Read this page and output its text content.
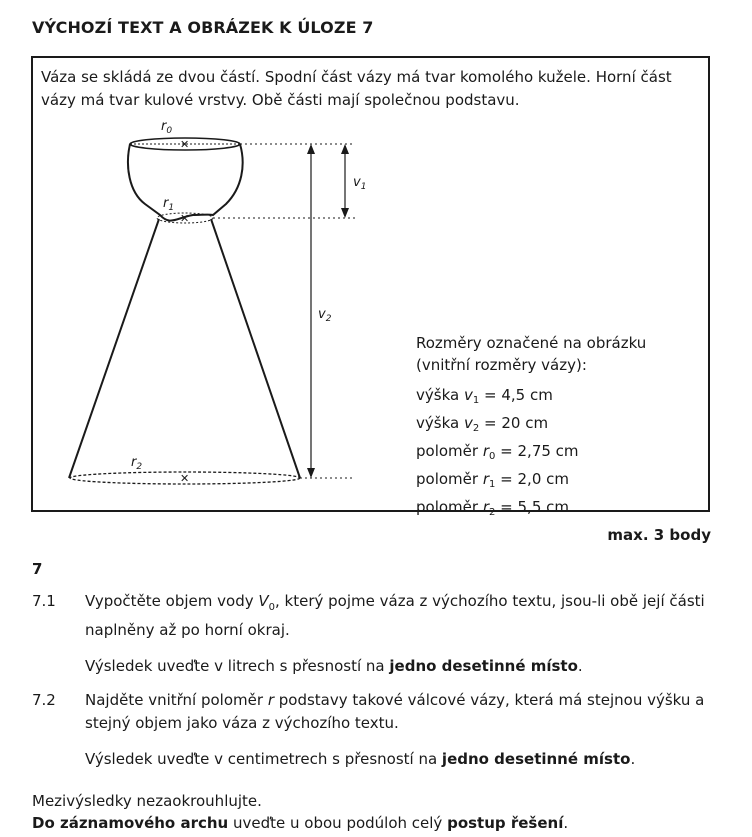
VÝCHOZÍ TEXT A OBRÁZEK K ÚLOZE 7
Váza se skládá ze dvou částí. Spodní část vázy má tvar komolého kužele. Horní část vázy má tvar kulové vrstvy. Obě části mají společnou podstavu.
✕
✕
✕
$r_0$
$r_1$
$r_2$
$v_1$
$v_2$
Rozměry označené na obrázku
(vnitřní rozměry vázy):
výška $v_1 = 4,5$ cm
výška $v_2 = 20$ cm
poloměr $r_0 = 2,75$ cm
poloměr $r_1 = 2,0$ cm
poloměr $r_2 = 5,5$ cm
max. 3 body
7
7.1 Vypočtěte objem vody $V_0$, který pojme váza z výchozího textu, jsou-li obě její části naplněny až po horní okraj.

Výsledek uveďte v litrech s přesností na jedno desetinné místo.

7.2 Najděte vnitřní poloměr r podstavy takové válcové vázy, která má stejnou výšku a stejný objem jako váza z výchozího textu.

Výsledek uveďte v centimetrech s přesností na jedno desetinné místo.

Mezivýsledky nezaokrouhlujte.
Do záznamového archu uveďte u obou podúloh celý postup řešení.
